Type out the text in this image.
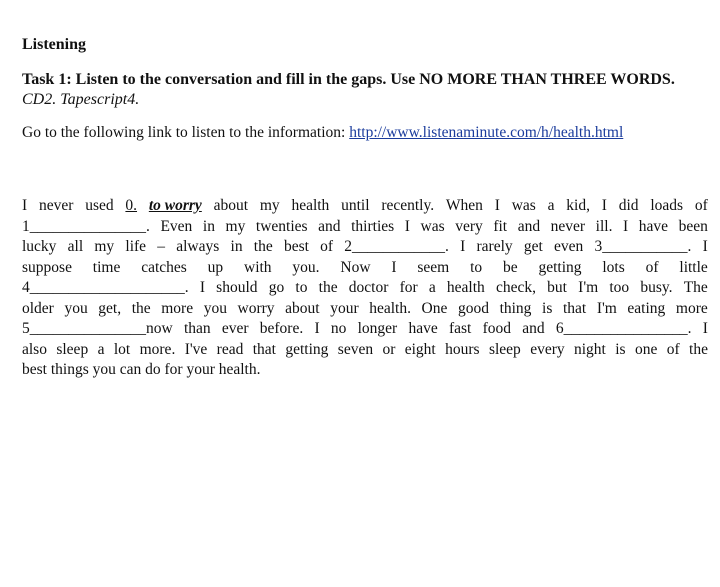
Listening
Task 1: Listen to the conversation and fill in the gaps. Use NO MORE THAN THREE WORDS. CD2. Tapescript4.
Go to the following link to listen to the information: http://www.listenaminute.com/h/health.html
I never used 0. to worry about my health until recently. When I was a kid, I did loads of
1_______________. Even in my twenties and thirties I was very fit and never ill. I have been
lucky all my life – always in the best of 2____________. I rarely get even 3___________. I
suppose time catches up with you. Now I seem to be getting lots of little
4____________________. I should go to the doctor for a health check, but I'm too busy. The
older you get, the more you worry about your health. One good thing is that I'm eating more
5_______________now than ever before. I no longer have fast food and 6________________. I
also sleep a lot more. I've read that getting seven or eight hours sleep every night is one of the
best things you can do for your health.
